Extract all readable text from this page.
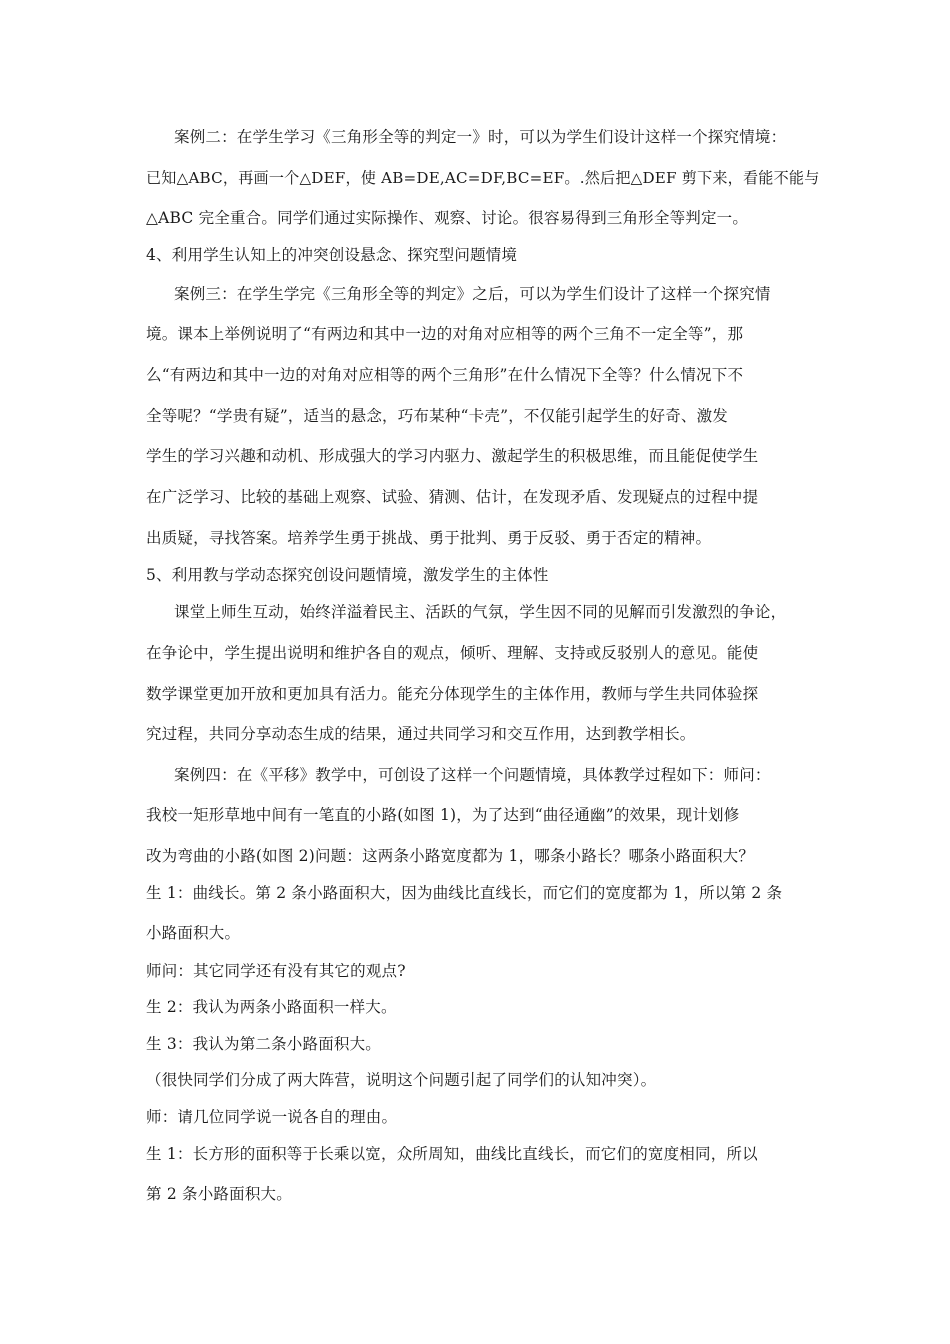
案例二：在学生学习《三角形全等的判定一》时，可以为学生们设计这样一个探究情境：
已知△ABC，再画一个△DEF，使 AB=DE,AC=DF,BC=EF。.然后把△DEF 剪下来，看能不能与
△ABC 完全重合。同学们通过实际操作、观察、讨论。很容易得到三角形全等判定一。
4、利用学生认知上的冲突创设悬念、探究型问题情境
案例三：在学生学完《三角形全等的判定》之后，可以为学生们设计了这样一个探究情
境。课本上举例说明了“有两边和其中一边的对角对应相等的两个三角不一定全等”，那
么“有两边和其中一边的对角对应相等的两个三角形”在什么情况下全等？什么情况下不
全等呢？“学贵有疑”，适当的悬念，巧布某种“卡壳”，不仅能引起学生的好奇、激发
学生的学习兴趣和动机、形成强大的学习内驱力、激起学生的积极思维，而且能促使学生
在广泛学习、比较的基础上观察、试验、猜测、估计，在发现矛盾、发现疑点的过程中提
出质疑，寻找答案。培养学生勇于挑战、勇于批判、勇于反驳、勇于否定的精神。
5、利用教与学动态探究创设问题情境，激发学生的主体性
课堂上师生互动，始终洋溢着民主、活跃的气氛，学生因不同的见解而引发激烈的争论，
在争论中，学生提出说明和维护各自的观点，倾听、理解、支持或反驳别人的意见。能使
数学课堂更加开放和更加具有活力。能充分体现学生的主体作用，教师与学生共同体验探
究过程，共同分享动态生成的结果，通过共同学习和交互作用，达到教学相长。
案例四：在《平移》教学中，可创设了这样一个问题情境，具体教学过程如下：师问：
我校一矩形草地中间有一笔直的小路(如图 1)，为了达到“曲径通幽”的效果，现计划修
改为弯曲的小路(如图 2)问题：这两条小路宽度都为 1，哪条小路长？哪条小路面积大？
生 1：曲线长。第 2 条小路面积大，因为曲线比直线长，而它们的宽度都为 1，所以第 2 条
小路面积大。
师问：其它同学还有没有其它的观点?
生 2：我认为两条小路面积一样大。
生 3：我认为第二条小路面积大。
（很快同学们分成了两大阵营，说明这个问题引起了同学们的认知冲突）。
师：请几位同学说一说各自的理由。
生 1：长方形的面积等于长乘以宽，众所周知，曲线比直线长，而它们的宽度相同，所以
第 2 条小路面积大。
